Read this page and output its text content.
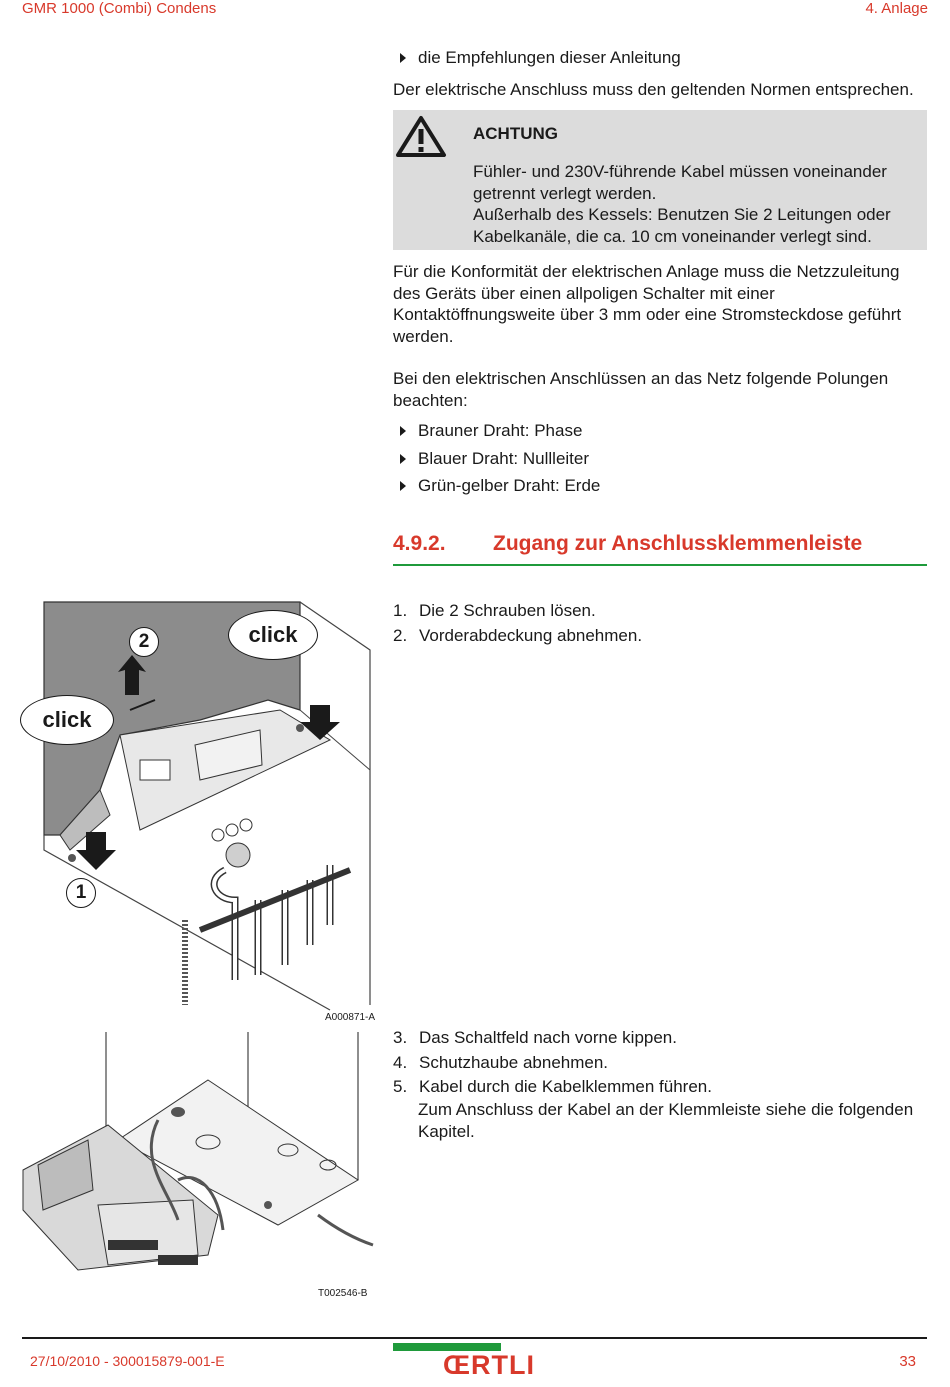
GMR 1000 (Combi) Condens	4. Anlage
die Empfehlungen dieser Anleitung
Der elektrische Anschluss muss den geltenden Normen entsprechen.
ACHTUNG
Fühler- und 230V-führende Kabel müssen voneinander
getrennt verlegt werden.
Außerhalb des Kessels: Benutzen Sie 2 Leitungen oder
Kabelkanäle, die ca. 10 cm voneinander verlegt sind.
Für die Konformität der elektrischen Anlage muss die Netzzuleitung
des Geräts über einen allpoligen Schalter mit einer
Kontaktöffnungsweite über 3 mm oder eine Stromsteckdose geführt
werden.
Bei den elektrischen Anschlüssen an das Netz folgende Polungen
beachten:
Brauner Draht: Phase
Blauer Draht: Nullleiter
Grün-gelber Draht: Erde
4.9.2. Zugang zur Anschlussklemmenleiste
1. Die 2 Schrauben lösen.
2. Vorderabdeckung abnehmen.
click
click
2
1
A000871-A
3. Das Schaltfeld nach vorne kippen.
4. Schutzhaube abnehmen.
5. Kabel durch die Kabelklemmen führen.
Zum Anschluss der Kabel an der Klemmleiste siehe die folgenden
Kapitel.
T002546-B
27/10/2010 - 300015879-001-E	ŒRTLI	33
